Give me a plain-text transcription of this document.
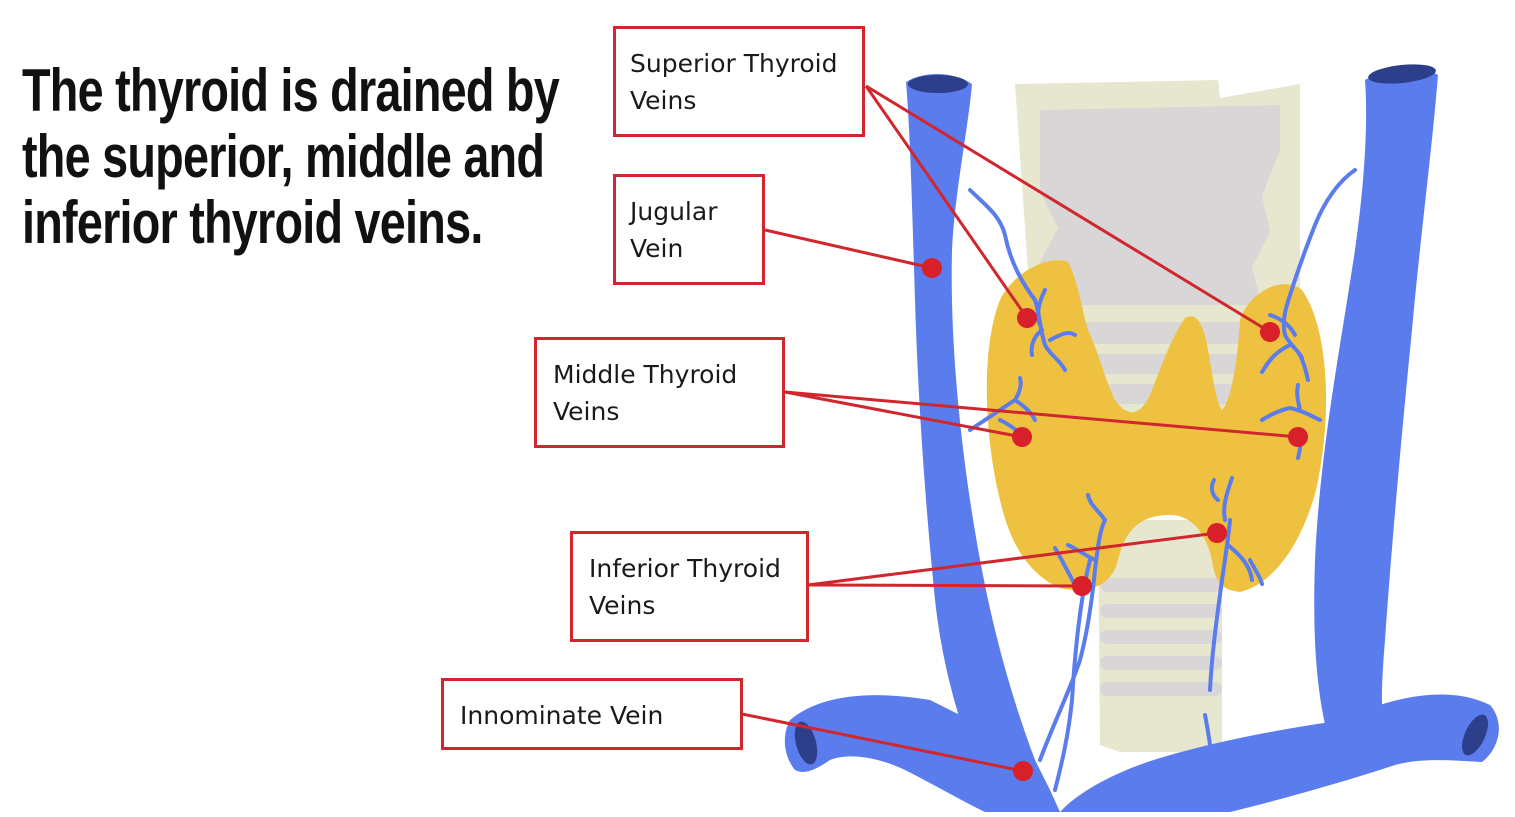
The thyroid is drained by
the superior, middle and
inferior thyroid veins.
Superior Thyroid
Veins
Jugular
Vein
Middle Thyroid
Veins
Inferior Thyroid
Veins
Innominate Vein
